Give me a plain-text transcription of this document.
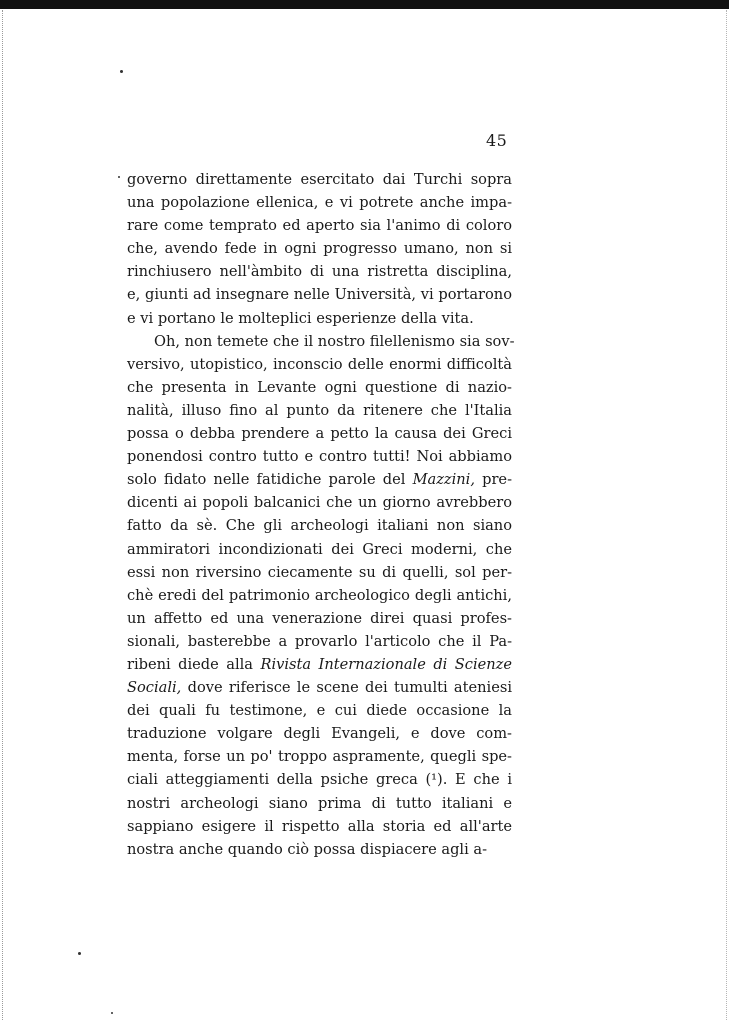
45
governo direttamente esercitato dai Turchi sopra
una popolazione ellenica, e vi potrete anche impa-
rare come temprato ed aperto sia l'animo di coloro
che, avendo fede in ogni progresso umano, non si
rinchiusero nell'àmbito di una ristretta disciplina,
e, giunti ad insegnare nelle Università, vi portarono
e vi portano le molteplici esperienze della vita.
Oh, non temete che il nostro filellenismo sia sov-
versivo, utopistico, inconscio delle enormi difficoltà
che presenta in Levante ogni questione di nazio-
nalità, illuso fino al punto da ritenere che l'Italia
possa o debba prendere a petto la causa dei Greci
ponendosi contro tutto e contro tutti! Noi abbiamo
solo fidato nelle fatidiche parole del Mazzini, pre-
dicenti ai popoli balcanici che un giorno avrebbero
fatto da sè. Che gli archeologi italiani non siano
ammiratori incondizionati dei Greci moderni, che
essi non riversino ciecamente su di quelli, sol per-
chè eredi del patrimonio archeologico degli antichi,
un affetto ed una venerazione direi quasi profes-
sionali, basterebbe a provarlo l'articolo che il Pa-
ribeni diede alla Rivista Internazionale di Scienze
Sociali, dove riferisce le scene dei tumulti ateniesi
dei quali fu testimone, e cui diede occasione la
traduzione volgare degli Evangeli, e dove com-
menta, forse un po' troppo aspramente, quegli spe-
ciali atteggiamenti della psiche greca (¹). E che i
nostri archeologi siano prima di tutto italiani e
sappiano esigere il rispetto alla storia ed all'arte
nostra anche quando ciò possa dispiacere agli a-
